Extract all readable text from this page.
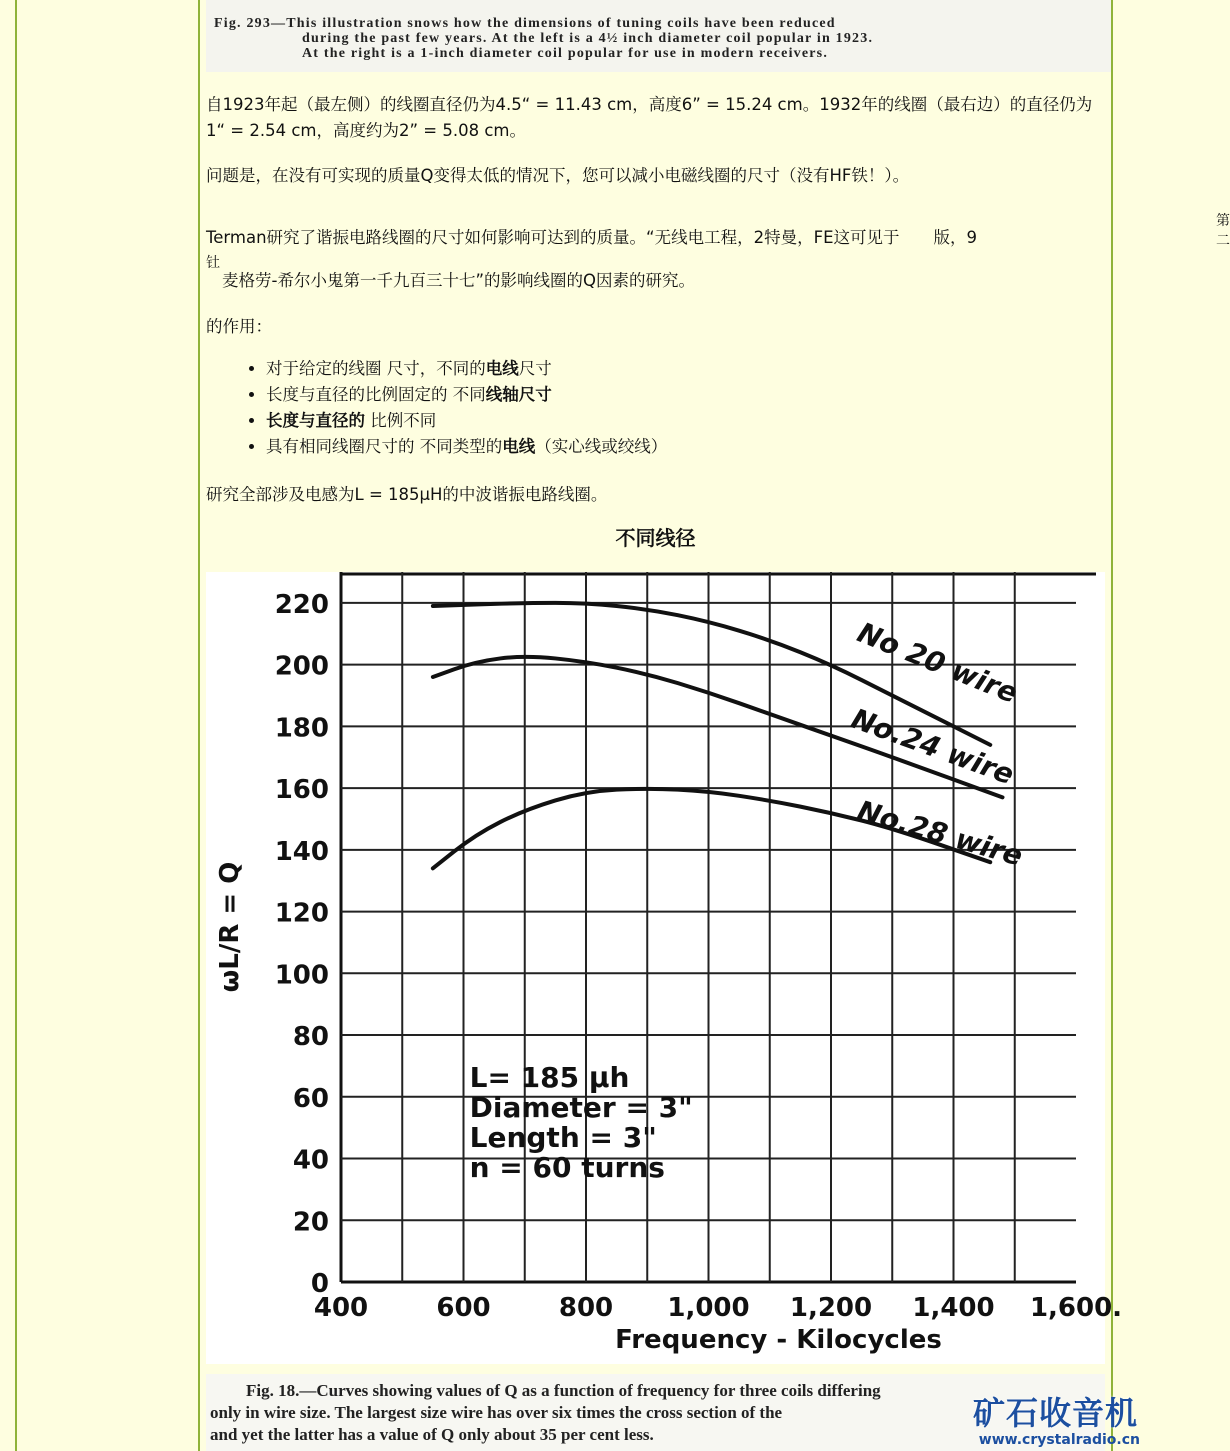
Fig. 293—This illustration snows how the dimensions of tuning coils have been reduced
during the past few years. At the left is a 4½ inch diameter coil popular in 1923.
At the right is a 1-inch diameter coil popular for use in modern receivers.

自1923年起（最左侧）的线圈直径仍为4.5“ = 11.43 cm，高度6” = 15.24 cm。1932年的线圈（最右边）的直径仍为1“ = 2.54 cm，高度约为2” = 5.08 cm。

问题是，在没有可实现的质量Q变得太低的情况下，您可以减小电磁线圈的尺寸（没有HF铁！）。

Terman研究了谐振电路线圈的尺寸如何影响可达到的质量。“无线电工程，2特曼，FE这可见于 版，9

第二
钍

麦格劳-希尔小鬼第一千九百三十七”的影响线圈的Q因素的研究。

的作用：

• 对于给定的线圈 尺寸，不同的电线尺寸
• 长度与直径的比例固定的 不同线轴尺寸
• 长度与直径的 比例不同
• 具有相同线圈尺寸的 不同类型的电线（实心线或绞线）

研究全部涉及电感为L = 185μH的中波谐振电路线圈。

不同线径
0
20
40
60
80
100
120
140
160
180
200
220
400	600	800 1,000 1,200 1,400 1,600.
Frequency - Kilocycles
ωL/R = Q
No 20 wire
No.24 wire
No.28 wire
L= 185 μh
Diameter = 3"
Length = 3"
n = 60 turns
Fig. 18.—Curves showing values of Q as a function of frequency for three coils differing
only in wire size. The largest size wire has over six times the cross section of the
and yet the latter has a value of Q only about 35 per cent less.
矿石收音机
www.crystalradio.cn
